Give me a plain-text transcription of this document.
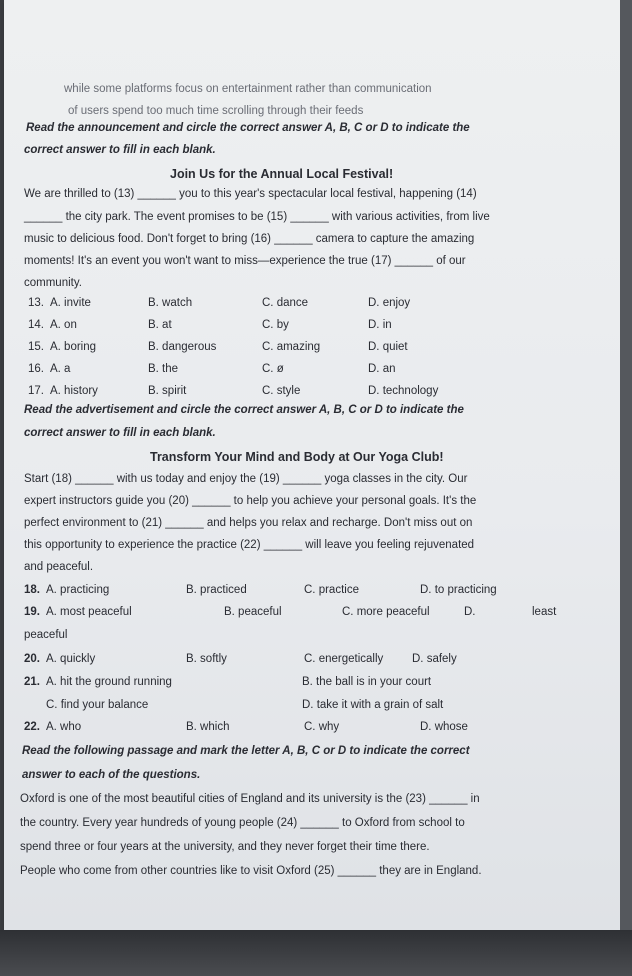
while some platforms focus on entertainment rather than communication
of users spend too much time scrolling through their feeds
Read the announcement and circle the correct answer A, B, C or D to indicate the
correct answer to fill in each blank.
Join Us for the Annual Local Festival!
We are thrilled to (13) ______ you to this year's spectacular local festival, happening (14)
______ the city park. The event promises to be (15) ______ with various activities, from live
music to delicious food. Don't forget to bring (16) ______ camera to capture the amazing
moments! It's an event you won't want to miss—experience the true (17) ______ of our
community.
13. A. invite	B. watch	C. dance	D. enjoy
14. A. on	B. at	C. by	D. in
15. A. boring	B. dangerous	C. amazing	D. quiet
16. A. a	B. the	C. ø	D. an
17. A. history	B. spirit	C. style	D. technology
Read the advertisement and circle the correct answer A, B, C or D to indicate the
correct answer to fill in each blank.
Transform Your Mind and Body at Our Yoga Club!
Start (18) ______ with us today and enjoy the (19) ______ yoga classes in the city. Our
expert instructors guide you (20) ______ to help you achieve your personal goals. It's the
perfect environment to (21) ______ and helps you relax and recharge. Don't miss out on
this opportunity to experience the practice (22) ______ will leave you feeling rejuvenated
and peaceful.
18. A. practicing	B. practiced	C. practice	D. to practicing
19. A. most peaceful	B. peaceful	C. more peaceful	D.	least
peaceful
20. A. quickly	B. softly	C. energetically D. safely
21. A. hit the ground running	B. the ball is in your court
C. find your balance	D. take it with a grain of salt
22. A. who	B. which	C. why	D. whose
Read the following passage and mark the letter A, B, C or D to indicate the correct
answer to each of the questions.
Oxford is one of the most beautiful cities of England and its university is the (23) ______ in
the country. Every year hundreds of young people (24) ______ to Oxford from school to
spend three or four years at the university, and they never forget their time there.
People who come from other countries like to visit Oxford (25) ______ they are in England.
